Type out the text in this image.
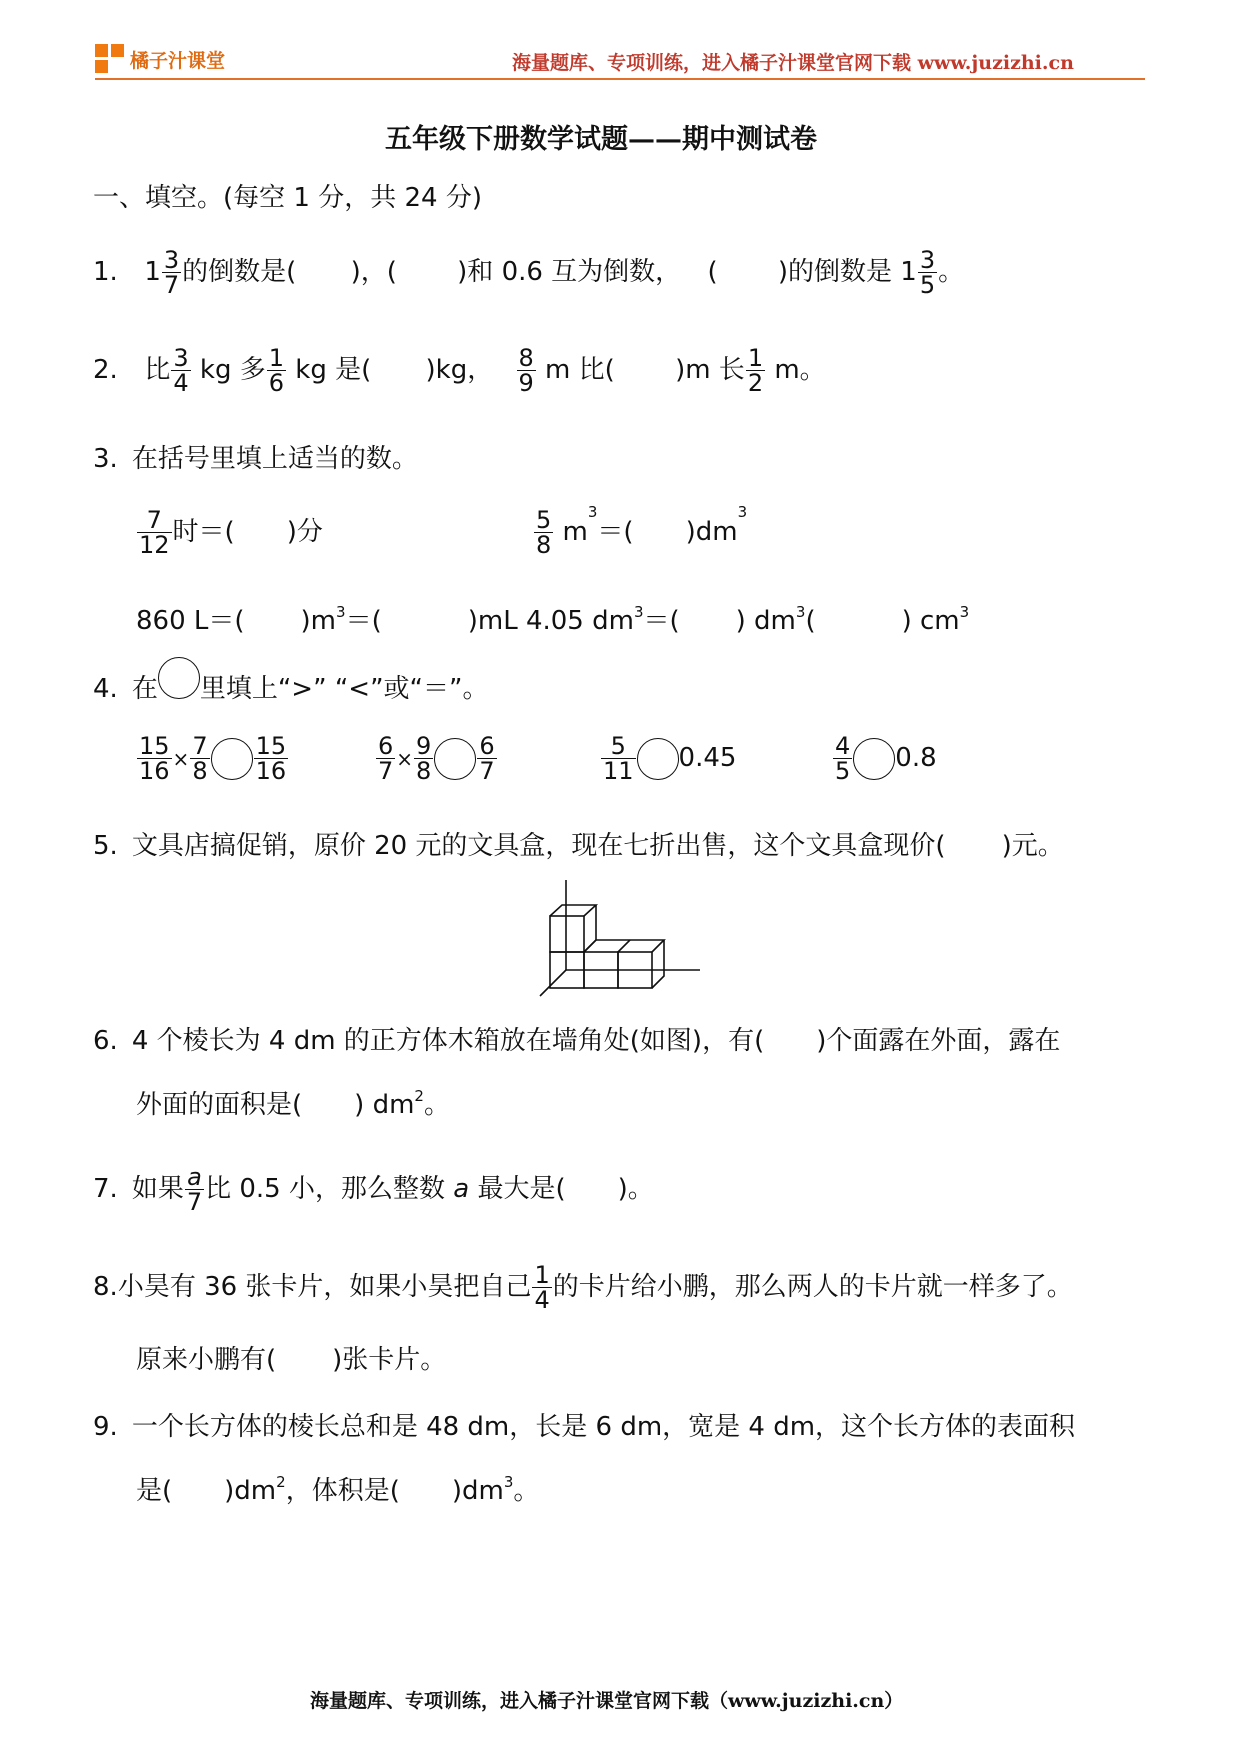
橘子汁课堂	海量题库、专项训练，进入橘子汁课堂官网下载 www.juzizhi.cn
五年级下册数学试题——期中测试卷
一、填空。(每空 1 分，共 24 分)
1. $1 \frac{3}{7}$ 的倒数是( )，( )和 0.6 互为倒数， ( )的倒数是 $1 \frac{3}{5}$ 。
2. 比 $\frac{3}{4}$ kg 多 $\frac{1}{6}$ kg 是( )kg， $\frac{8}{9}$ m 比( )m 长 $\frac{1}{2}$ m。
3. 在括号里填上适当的数。
$\frac{7}{12}$ 时＝( )分	$\frac{5}{8} m^3=$( )$dm^3$
860 L＝( )$m^3=$(	)mL 4.05 $dm^3=$( ) $dm^3$(	) $cm^3$
4. 在 里填上“>” “<”或“＝”。
$\frac{15}{16} \times \frac{7}{8} \frac{15}{16}$	$\frac{6}{7} \times \frac{9}{8} \frac{6}{7}$	$\frac{5}{11} 0.45$	$\frac{4}{5} 0.8$
5. 文具店搞促销，原价 20 元的文具盒，现在七折出售，这个文具盒现价( )元。
6. 4 个棱长为 4 dm 的正方体木箱放在墙角处(如图)，有( )个面露在外面，露在
外面的面积是( ) $dm^2$。
7. 如果 $\frac{a}{7}$ 比 0.5 小，那么整数 a 最大是( )。
8.小昊有 36 张卡片，如果小昊把自己 $\frac{1}{4}$ 的卡片给小鹏，那么两人的卡片就一样多了。
原来小鹏有( )张卡片。
9. 一个长方体的棱长总和是 48 dm，长是 6 dm，宽是 4 dm，这个长方体的表面积
是( )$dm^2$，体积是( )$dm^3$。
海量题库、专项训练，进入橘子汁课堂官网下载（www.juzizhi.cn）
